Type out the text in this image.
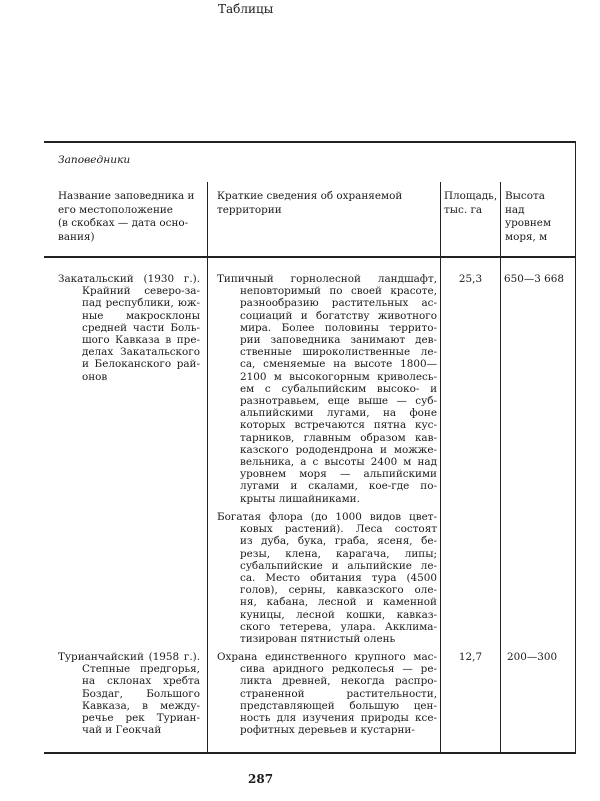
Таблицы
Заповедники
Название заповедника и
его местоположение
(в скобках — дата осно-
вания)
Краткие сведения об охраняемой
территории
Площадь,
тыс. га
Высота
над
уровнем
моря, м
Закатальский (1930 г.).
Крайний северо-за-
пад республики, юж-
ные макросклоны
средней части Боль-
шого Кавказа в пре-
делах Закатальского
и Белоканского рай-
онов
Типичный горнолесной ландшафт,
неповторимый по своей красоте,
разнообразию растительных ас-
социаций и богатству животного
мира. Более половины террито-
рии заповедника занимают дев-
ственные широколиственные ле-
са, сменяемые на высоте 1800—
2100 м высокогорным криволесь-
ем с субальпийским высоко- и
разнотравьем, еще выше — суб-
альпийскими лугами, на фоне
которых встречаются пятна кус-
тарников, главным образом кав-
казского рододендрона и можже-
вельника, а с высоты 2400 м над
уровнем моря — альпийскими
лугами и скалами, кое-где по-
крыты лишайниками.
Богатая флора (до 1000 видов цвет-
ковых растений). Леса состоят
из дуба, бука, граба, ясеня, бе-
резы, клена, карагача, липы;
субальпийские и альпийские ле-
са. Место обитания тура (4500
голов), серны, кавказского оле-
ня, кабана, лесной и каменной
куницы, лесной кошки, кавказ-
ского тетерева, улара. Акклима-
тизирован пятнистый олень
25,3	650—3 668
Турианчайский (1958 г.).
Степные предгорья,
на склонах хребта
Боздаг, Большого
Кавказа, в между-
речье рек Туриан-
чай и Геокчай
Охрана единственного крупного мас-
сива аридного редколесья — ре-
ликта древней, некогда распро-
страненной растительности,
представляющей большую цен-
ность для изучения природы ксе-
рофитных деревьев и кустарни-
12,7	200—300
287
